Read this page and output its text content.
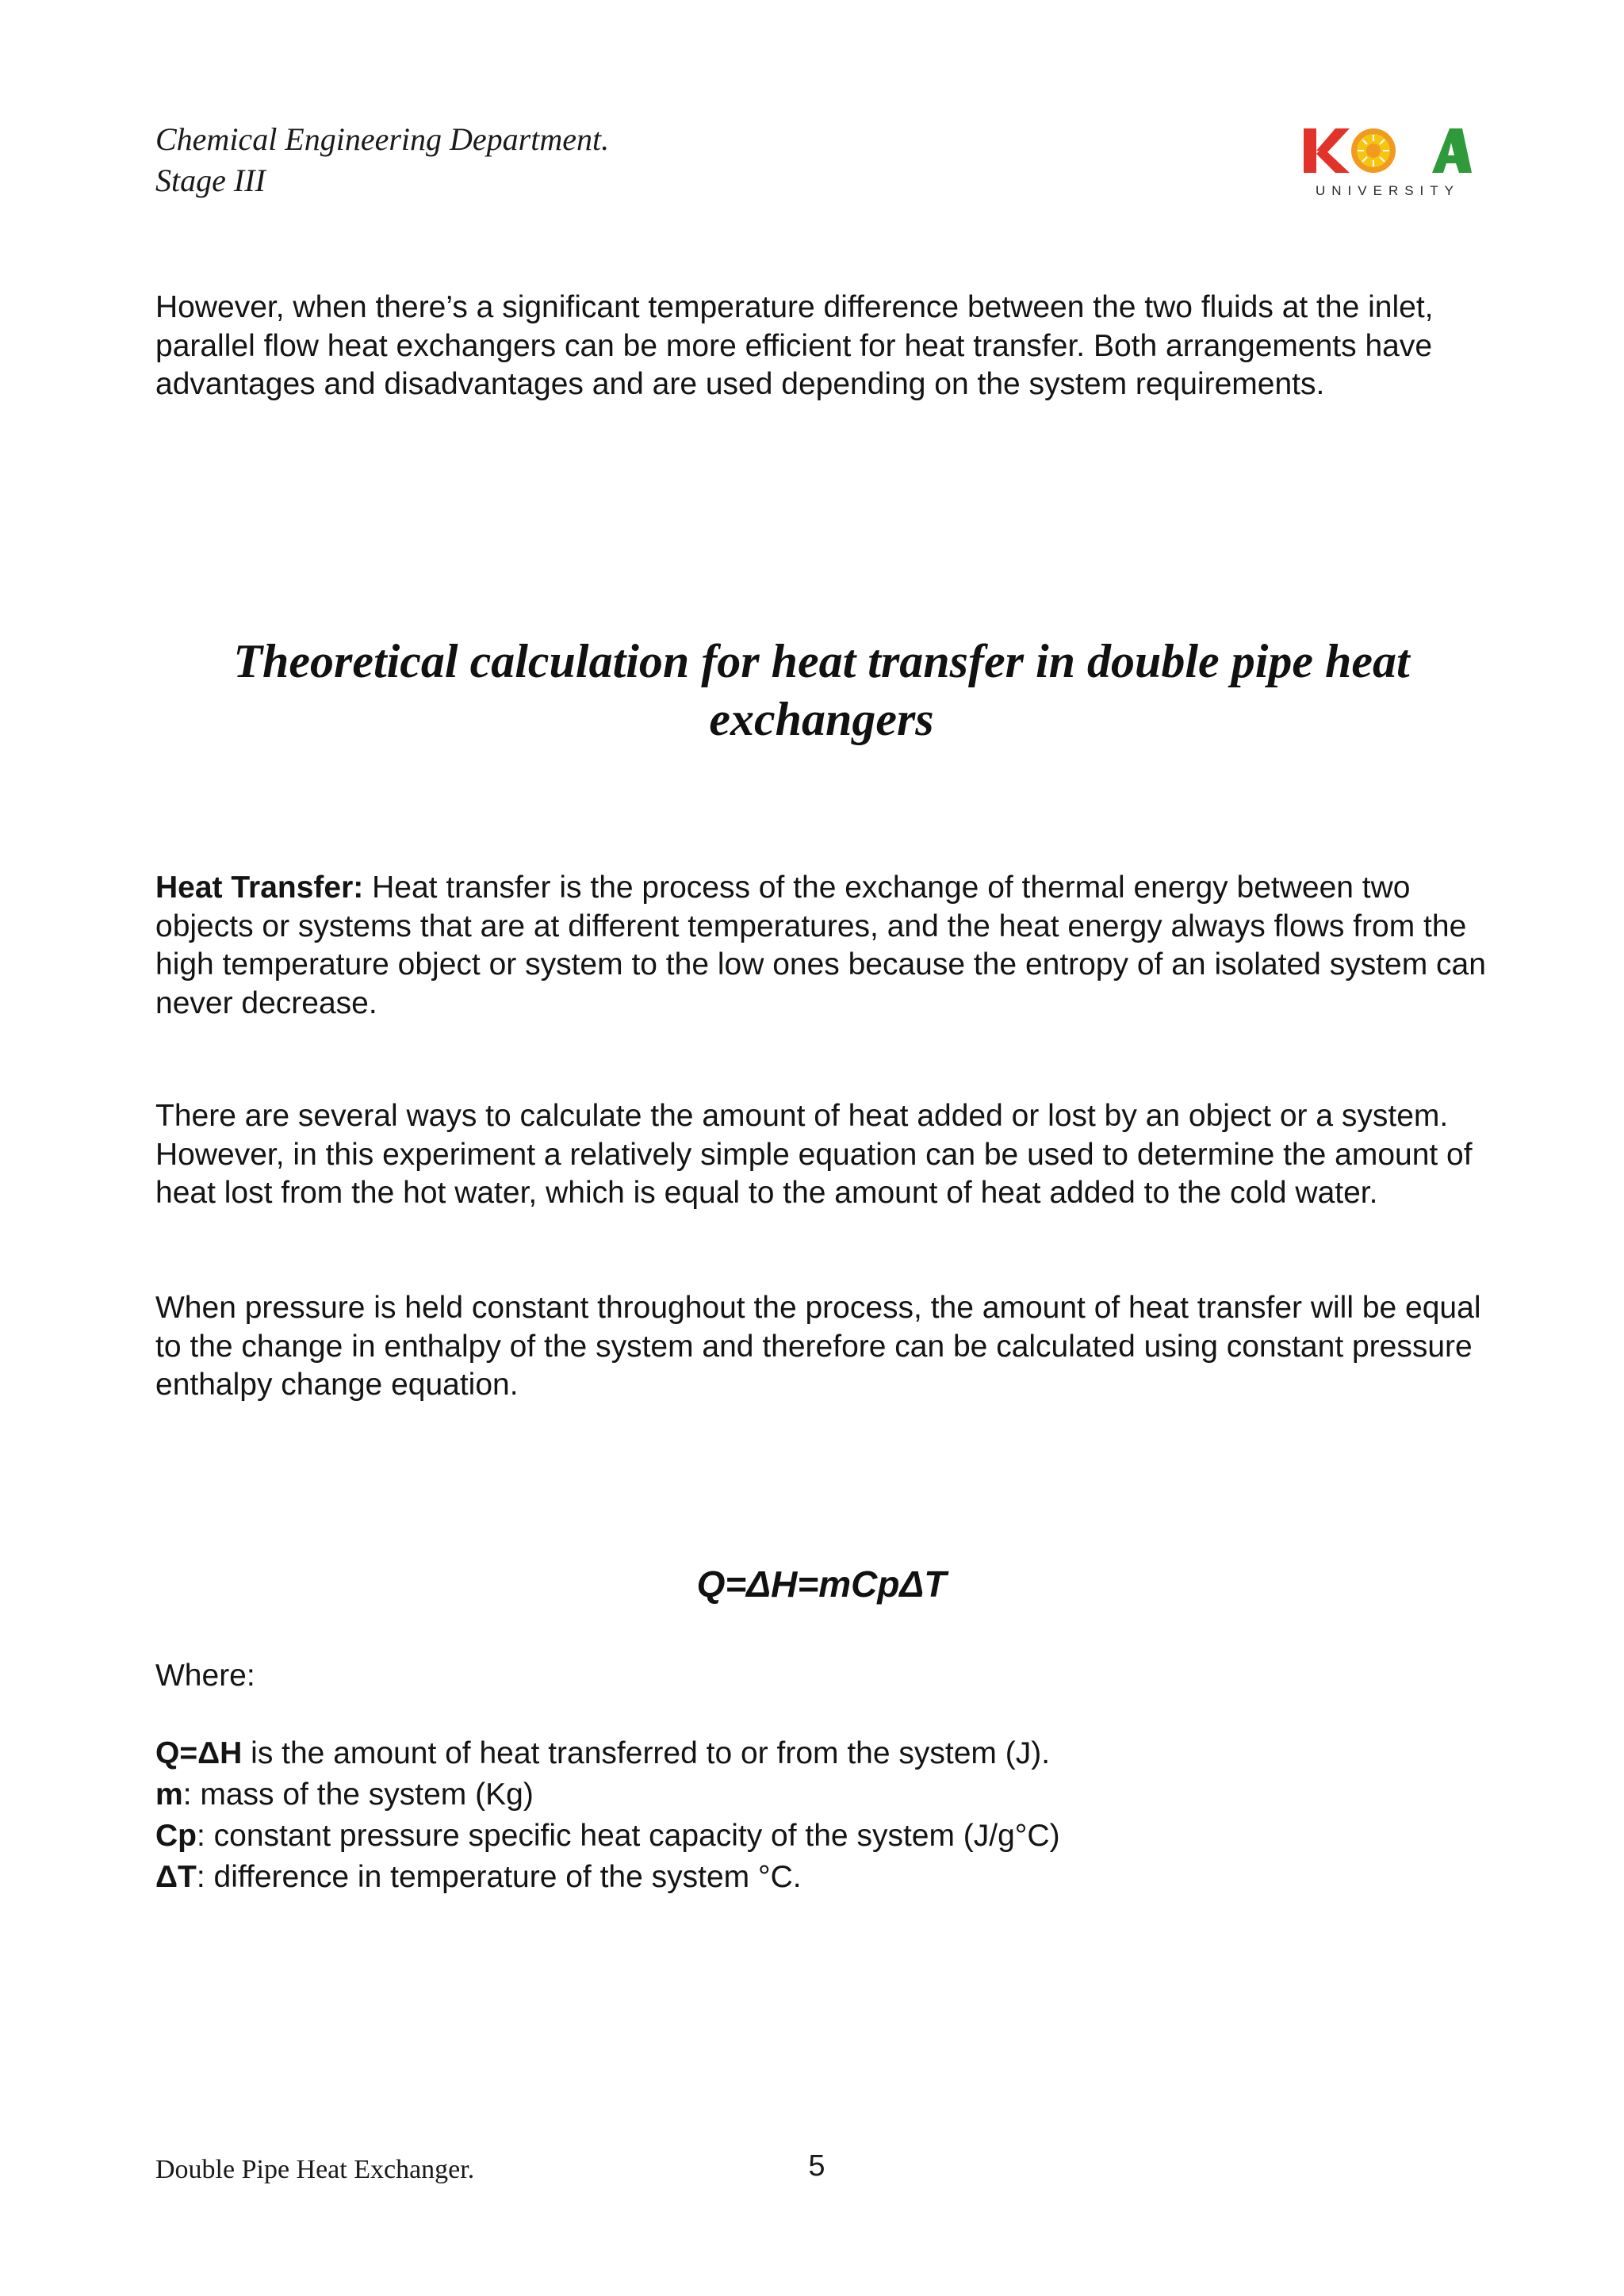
Chemical Engineering Department.
Stage III	UNIVERSITY

However, when there’s a significant temperature difference between the two fluids at the inlet, parallel flow heat exchangers can be more efficient for heat transfer. Both arrangements have advantages and disadvantages and are used depending on the system requirements.

Theoretical calculation for heat transfer in double pipe heat exchangers

Heat Transfer: Heat transfer is the process of the exchange of thermal energy between two objects or systems that are at different temperatures, and the heat energy always flows from the high temperature object or system to the low ones because the entropy of an isolated system can never decrease.

There are several ways to calculate the amount of heat added or lost by an object or a system. However, in this experiment a relatively simple equation can be used to determine the amount of heat lost from the hot water, which is equal to the amount of heat added to the cold water.

When pressure is held constant throughout the process, the amount of heat transfer will be equal to the change in enthalpy of the system and therefore can be calculated using constant pressure enthalpy change equation.

Q=ΔH=mCpΔT

Where:

Q=ΔH is the amount of heat transferred to or from the system (J).
m: mass of the system (Kg)
Cp: constant pressure specific heat capacity of the system (J/g°C)
ΔT: difference in temperature of the system °C.
Double Pipe Heat Exchanger.	5
